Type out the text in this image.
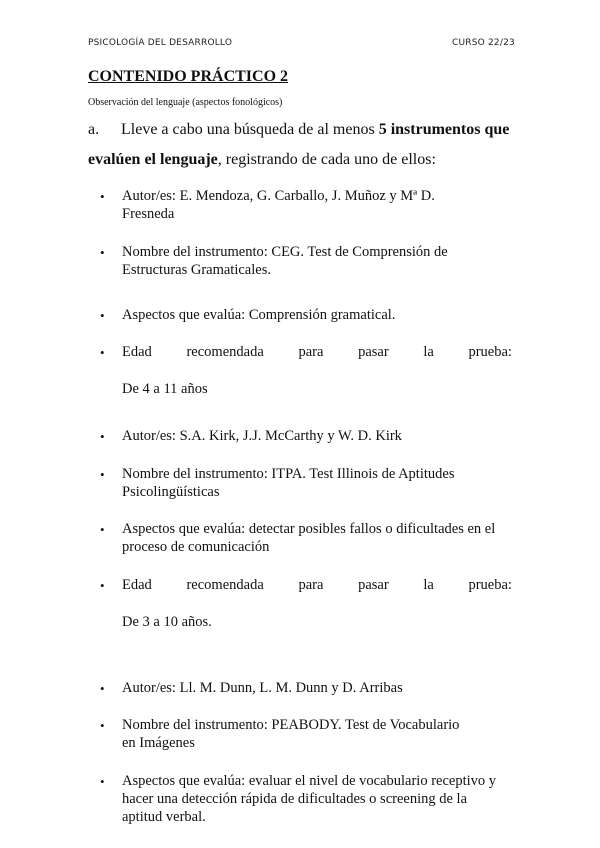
PSICOLOGÍA DEL DESARROLLO	CURSO 22/23
CONTENIDO PRÁCTICO 2
Observación del lenguaje (aspectos fonológicos)
a. Lleve a cabo una búsqueda de al menos 5 instrumentos que
evalúen el lenguaje, registrando de cada uno de ellos:
• Autor/es: E. Mendoza, G. Carballo, J. Muñoz y Mª D.
Fresneda
• Nombre del instrumento: CEG. Test de Comprensión de
Estructuras Gramaticales.
• Aspectos que evalúa: Comprensión gramatical.
• Edad recomendada para pasar la prueba:
De 4 a 11 años
• Autor/es: S.A. Kirk, J.J. McCarthy y W. D. Kirk
• Nombre del instrumento: ITPA. Test Illinois de Aptitudes
Psicolingüísticas
• Aspectos que evalúa: detectar posibles fallos o dificultades en el
proceso de comunicación
• Edad recomendada para pasar la prueba:
De 3 a 10 años.
• Autor/es: Ll. M. Dunn, L. M. Dunn y D. Arribas
• Nombre del instrumento: PEABODY. Test de Vocabulario
en Imágenes
• Aspectos que evalúa: evaluar el nivel de vocabulario receptivo y
hacer una detección rápida de dificultades o screening de la
aptitud verbal.
